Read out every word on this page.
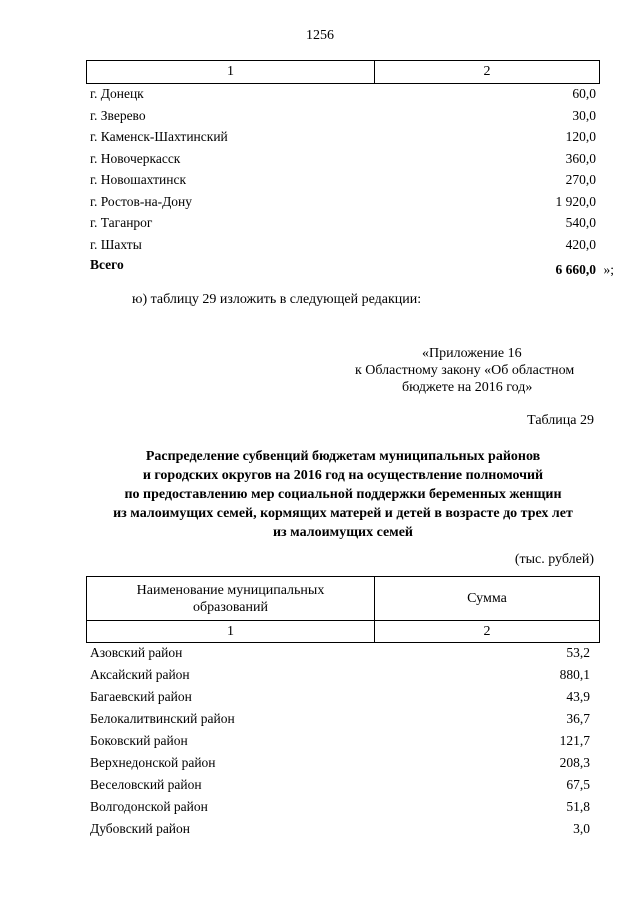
1256
1	2
г. Донецк	60,0
г. Зверево	30,0
г. Каменск-Шахтинский	120,0
г. Новочеркасск	360,0
г. Новошахтинск	270,0
г. Ростов-на-Дону	1 920,0
г. Таганрог	540,0
г. Шахты	420,0
Всего	6 660,0 »;
ю) таблицу 29 изложить в следующей редакции:
«Приложение 16
к Областному закону «Об областном
бюджете на 2016 год»
Таблица 29
Распределение субвенций бюджетам муниципальных районов
и городских округов на 2016 год на осуществление полномочий
по предоставлению мер социальной поддержки беременных женщин
из малоимущих семей, кормящих матерей и детей в возрасте до трех лет
из малоимущих семей
(тыс. рублей)
Наименование муниципальных
образований	Сумма
1	2
Азовский район	53,2
Аксайский район	880,1
Багаевский район	43,9
Белокалитвинский район	36,7
Боковский район	121,7
Верхнедонской район	208,3
Веселовский район	67,5
Волгодонской район	51,8
Дубовский район	3,0
